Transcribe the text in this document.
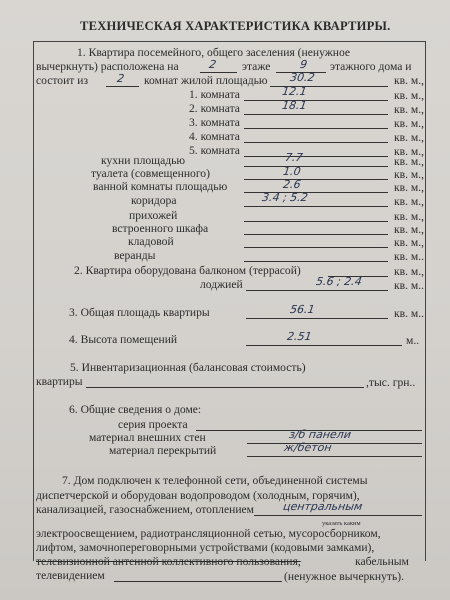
ТЕХНИЧЕСКАЯ ХАРАКТЕРИСТИКА КВАРТИРЫ.
1. Квартира посемейного, общего заселения (ненужное
вычеркнуть) расположена на	2 этаже	9 этажного дома и
состоит из	2 комнат жилой площадью 30.2	кв. м.,
1. комната	12.1	кв. м.,
2. комната	18.1	кв. м.,
3. комната	кв. м.,
4. комната	кв. м.,
5. комната	кв. м.,
кухни площадью	7.7	кв. м.,
туалета (совмещенного)	1.0	кв. м.,
ванной комнаты площадью	2.6	кв. м.,
коридора	3.4 ; 5.2	кв. м.,
прихожей	кв. м.,
встроенного шкафа	кв. м.,
кладовой	кв. м.,
веранды	кв. м..
2. Квартира оборудована балконом (террасой)	кв. м.,
лоджией	5.6 ; 2.4	кв. м..
3. Общая площадь квартиры	56.1	кв. м..
4. Высота помещений	2.51	м..
5. Инвентаризационная (балансовая стоимость)
квартиры	,тыс. грн..
6. Общие сведения о доме:
серия проекта
материал внешних стен	з/б панели
материал перекрытий	ж/бетон
7. Дом подключен к телефонной сети, объединенной системы
диспетчерской и оборудован водопроводом (холодным, горячим),
канализацией, газоснабжением, отоплением	центральным
указать каким
электроосвещением, радиотрансляционной сетью, мусоросборником,
лифтом, замочнопереговорными устройствами (кодовыми замками),
телевизионной антенной коллективного пользования,	кабельным
телевидением	(ненужное вычеркнуть).
